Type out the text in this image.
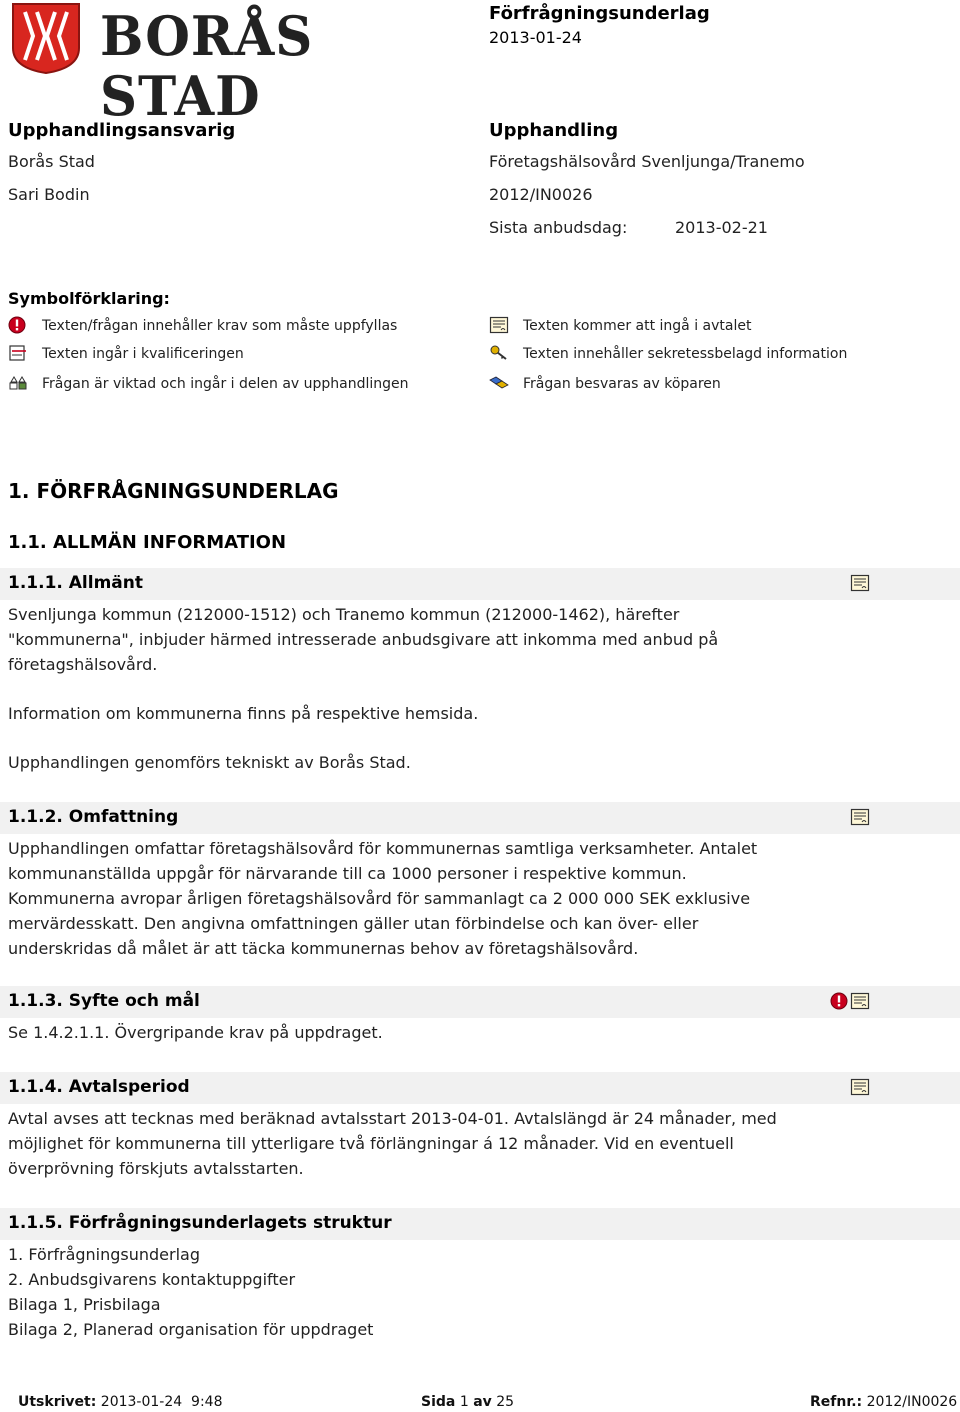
BORÅS STAD
Förfrågningsunderlag
2013-01-24
Upphandlingsansvarig
Borås Stad
Sari Bodin
Upphandling
Företagshälsovård Svenljunga/Tranemo
2012/IN0026
Sista anbudsdag:	2013-02-21
Symbolförklaring:
Texten/frågan innehåller krav som måste uppfyllas	Texten kommer att ingå i avtalet
Texten ingår i kvalificeringen	Texten innehåller sekretessbelagd information
Frågan är viktad och ingår i delen av upphandlingen	Frågan besvaras av köparen
1. FÖRFRÅGNINGSUNDERLAG
1.1. ALLMÄN INFORMATION
1.1.1. Allmänt

Svenljunga kommun (212000-1512) och Tranemo kommun (212000-1462), härefter "kommunerna", inbjuder härmed intresserade anbudsgivare att inkomma med anbud på företagshälsovård.

Information om kommunerna finns på respektive hemsida.

Upphandlingen genomförs tekniskt av Borås Stad.

1.1.2. Omfattning

Upphandlingen omfattar företagshälsovård för kommunernas samtliga verksamheter. Antalet kommunanställda uppgår för närvarande till ca 1000 personer i respektive kommun. Kommunerna avropar årligen företagshälsovård för sammanlagt ca 2 000 000 SEK exklusive mervärdesskatt. Den angivna omfattningen gäller utan förbindelse och kan över- eller underskridas då målet är att täcka kommunernas behov av företagshälsovård.

1.1.3. Syfte och mål

Se 1.4.2.1.1. Övergripande krav på uppdraget.

1.1.4. Avtalsperiod

Avtal avses att tecknas med beräknad avtalsstart 2013-04-01. Avtalslängd är 24 månader, med möjlighet för kommunerna till ytterligare två förlängningar á 12 månader. Vid en eventuell överprövning förskjuts avtalsstarten.

1.1.5. Förfrågningsunderlagets struktur

1. Förfrågningsunderlag

2. Anbudsgivarens kontaktuppgifter

Bilaga 1, Prisbilaga

Bilaga 2, Planerad organisation för uppdraget

Utskrivet: 2013-01-24  9:48	Sida 1 av 25	Refnr.: 2012/IN0026
